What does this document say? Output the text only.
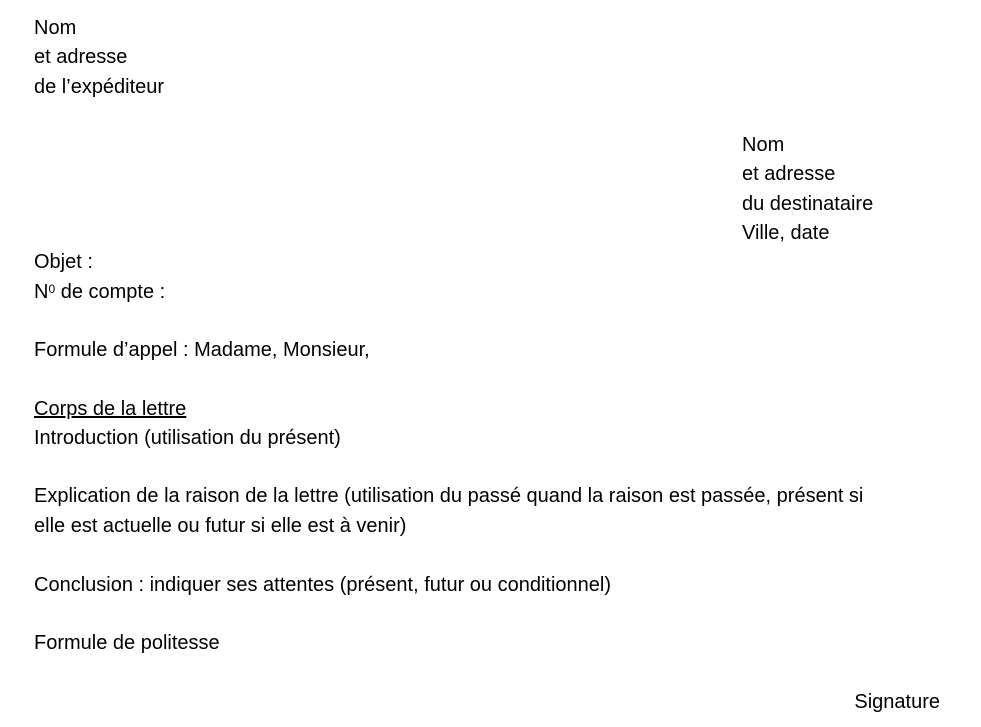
Nom
et adresse
de l’expéditeur
Nom
et adresse
du destinataire
Ville, date
Objet :
$N^0$ de compte :
Formule d’appel : Madame, Monsieur,
Corps de la lettre
Introduction (utilisation du présent)
Explication de la raison de la lettre (utilisation du passé quand la raison est passée, présent si
elle est actuelle ou futur si elle est à venir)
Conclusion : indiquer ses attentes (présent, futur ou conditionnel)
Formule de politesse
Signature
